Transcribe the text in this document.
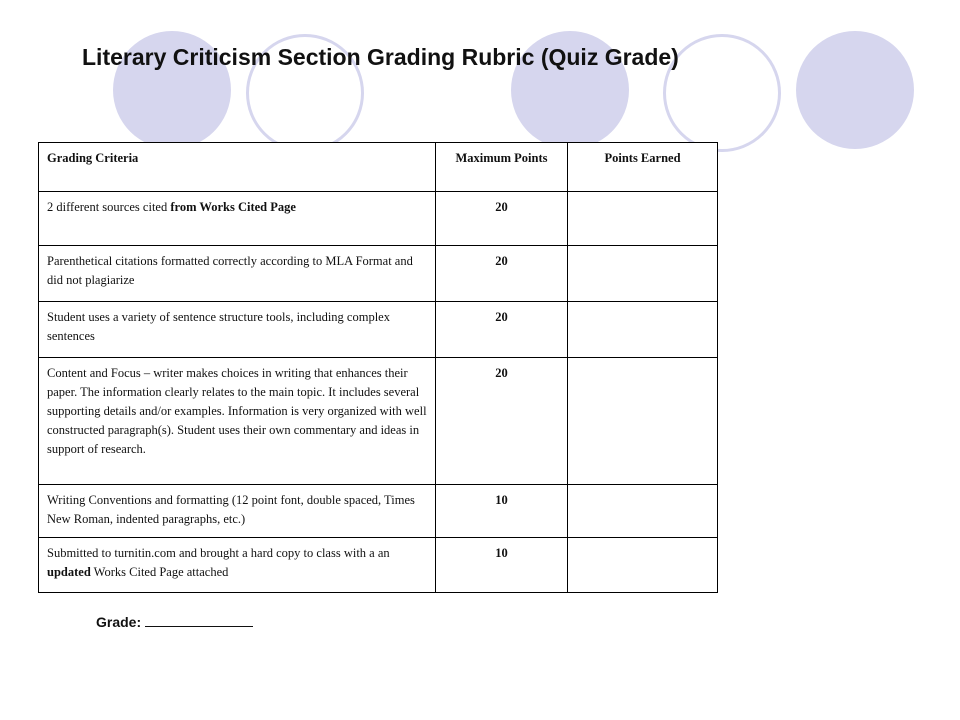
Literary Criticism Section Grading Rubric (Quiz Grade)
Grading Criteria	Maximum Points	Points Earned
2 different sources cited from Works Cited Page	20	
Parenthetical citations formatted correctly according to MLA Format and did not plagiarize	20	
Student uses a variety of sentence structure tools, including complex sentences	20	
Content and Focus – writer makes choices in writing that enhances their paper. The information clearly relates to the main topic. It includes several supporting details and/or examples. Information is very organized with well constructed paragraph(s). Student uses their own commentary and ideas in support of research.	20	
Writing Conventions and formatting (12 point font, double spaced, Times New Roman, indented paragraphs, etc.)	10	
Submitted to turnitin.com and brought a hard copy to class with a an updated Works Cited Page attached	10	
Grade:
